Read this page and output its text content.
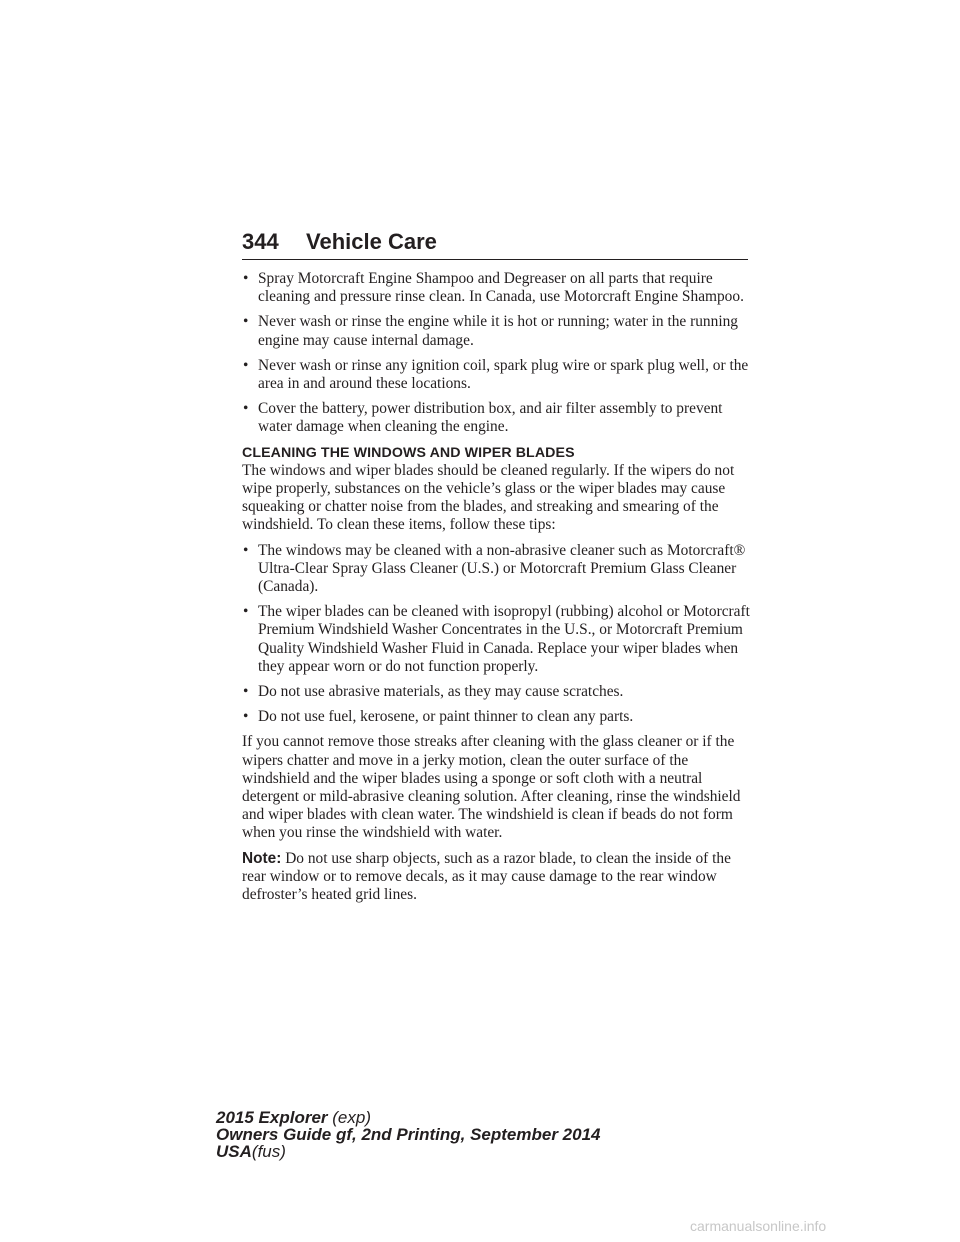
344 Vehicle Care
• Spray Motorcraft Engine Shampoo and Degreaser on all parts that require cleaning and pressure rinse clean. In Canada, use Motorcraft Engine Shampoo.
• Never wash or rinse the engine while it is hot or running; water in the running engine may cause internal damage.
• Never wash or rinse any ignition coil, spark plug wire or spark plug well, or the area in and around these locations.
• Cover the battery, power distribution box, and air filter assembly to prevent water damage when cleaning the engine.

CLEANING THE WINDOWS AND WIPER BLADES

The windows and wiper blades should be cleaned regularly. If the wipers do not wipe properly, substances on the vehicle’s glass or the wiper blades may cause squeaking or chatter noise from the blades, and streaking and smearing of the windshield. To clean these items, follow these tips:

• The windows may be cleaned with a non-abrasive cleaner such as Motorcraft® Ultra-Clear Spray Glass Cleaner (U.S.) or Motorcraft Premium Glass Cleaner (Canada).
• The wiper blades can be cleaned with isopropyl (rubbing) alcohol or Motorcraft Premium Windshield Washer Concentrates in the U.S., or Motorcraft Premium Quality Windshield Washer Fluid in Canada. Replace your wiper blades when they appear worn or do not function properly.
• Do not use abrasive materials, as they may cause scratches.
• Do not use fuel, kerosene, or paint thinner to clean any parts.

If you cannot remove those streaks after cleaning with the glass cleaner or if the wipers chatter and move in a jerky motion, clean the outer surface of the windshield and the wiper blades using a sponge or soft cloth with a neutral detergent or mild-abrasive cleaning solution. After cleaning, rinse the windshield and wiper blades with clean water. The windshield is clean if beads do not form when you rinse the windshield with water.

Note: Do not use sharp objects, such as a razor blade, to clean the inside of the rear window or to remove decals, as it may cause damage to the rear window defroster’s heated grid lines.

2015 Explorer (exp)
Owners Guide gf, 2nd Printing, September 2014
USA(fus)
carmanualsonline.info
